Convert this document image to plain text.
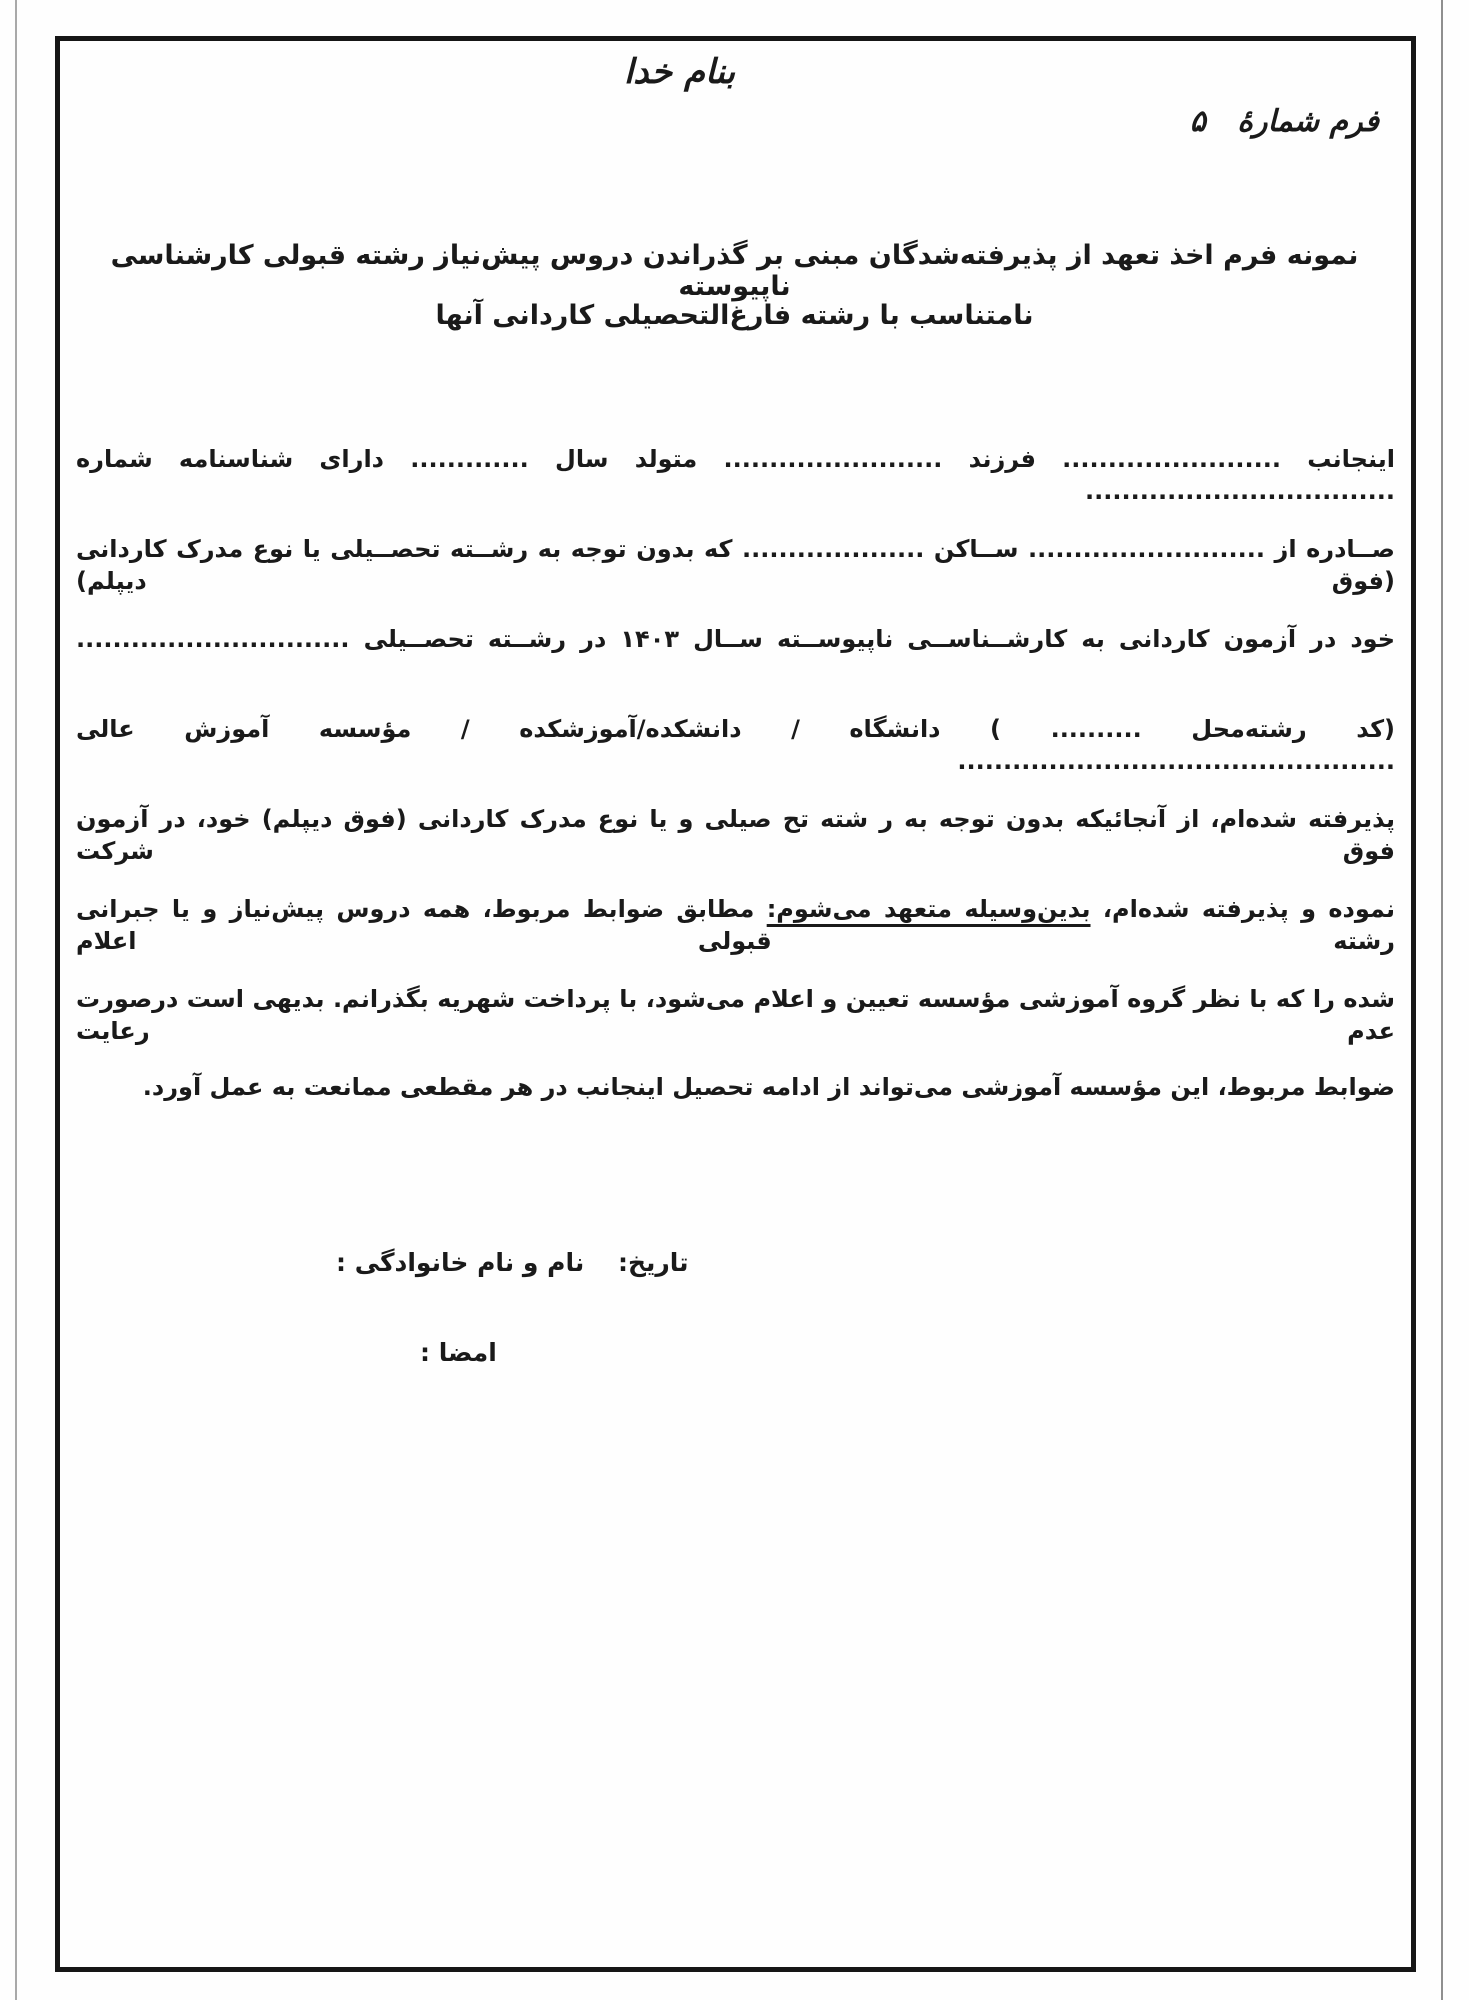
بنام خدا
فرم شمارۀ   ۵
نمونه فرم اخذ تعهد از پذیرفته‌شدگان مبنی بر گذراندن دروس پیش‌نیاز رشته قبولی کارشناسی ناپیوسته
نامتناسب با رشته فارغ‌التحصیلی کاردانی آنها
اینجانب ........................ فرزند ........................ متولد سال ............. دارای شناسنامه شماره ..................................
صــادره از .......................... ســاکن .................... که بدون توجه به رشــته تحصــیلی یا نوع مدرک کاردانی (فوق دیپلم)
خود در آزمون کاردانی به کارشــناســی ناپیوســته ســال ۱۴۰۳ در رشــته تحصــیلی ..............................
(کد رشته‌محل .......... ) دانشگاه / دانشکده/آموزشکده / مؤسسه آموزش عالی ................................................
پذیرفته شده‌ام، از آنجائیکه بدون توجه به ر شته تح صیلی و یا نوع مدرک کاردانی (فوق دیپلم) خود، در آزمون فوق شرکت
نموده و پذیرفته شده‌ام، بدین‌وسیله متعهد می‌شوم: مطابق ضوابط مربوط، همه دروس پیش‌نیاز و یا جبرانی رشته قبولی اعلام
شده را که با نظر گروه آموزشی مؤسسه تعیین و اعلام می‌شود، با پرداخت شهریه بگذرانم. بدیهی است درصورت عدم رعایت
ضوابط مربوط، این مؤسسه آموزشی می‌تواند از ادامه تحصیل اینجانب در هر مقطعی ممانعت به عمل آورد.
تاریخ:
نام و نام خانوادگی :
امضا :
